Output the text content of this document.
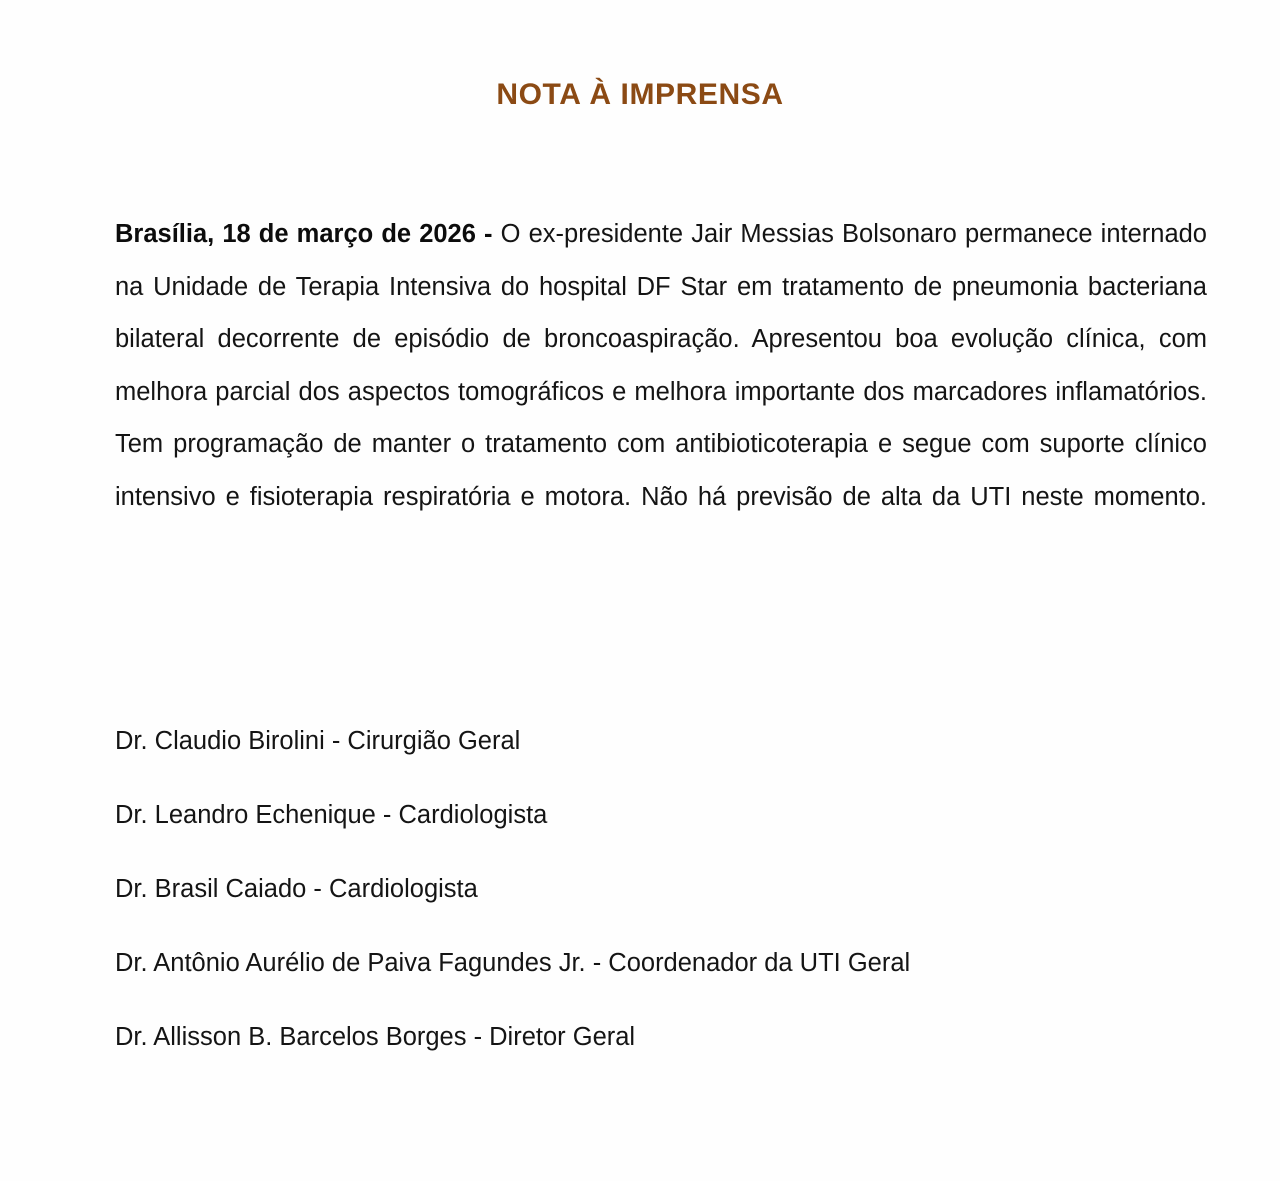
NOTA À IMPRENSA

Brasília, 18 de março de 2026 - O ex-presidente Jair Messias Bolsonaro permanece internado na Unidade de Terapia Intensiva do hospital DF Star em tratamento de pneumonia bacteriana bilateral decorrente de episódio de broncoaspiração. Apresentou boa evolução clínica, com melhora parcial dos aspectos tomográficos e melhora importante dos marcadores inflamatórios. Tem programação de manter o tratamento com antibioticoterapia e segue com suporte clínico intensivo e fisioterapia respiratória e motora. Não há previsão de alta da UTI neste momento.

Dr. Claudio Birolini - Cirurgião Geral
Dr. Leandro Echenique - Cardiologista
Dr. Brasil Caiado - Cardiologista
Dr. Antônio Aurélio de Paiva Fagundes Jr. - Coordenador da UTI Geral
Dr. Allisson B. Barcelos Borges - Diretor Geral
